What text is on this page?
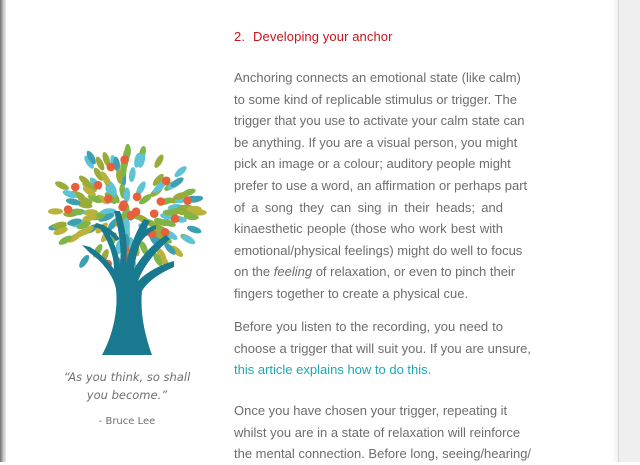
2. Developing your anchor

Anchoring connects an emotional state (like calm)
to some kind of replicable stimulus or trigger. The
trigger that you use to activate your calm state can
be anything. If you are a visual person, you might
pick an image or a colour; auditory people might
prefer to use a word, an affirmation or perhaps part
of a song they can sing in their heads; and
kinaesthetic people (those who work best with
emotional/physical feelings) might do well to focus
on the feeling of relaxation, or even to pinch their
fingers together to create a physical cue.

Before you listen to the recording, you need to
choose a trigger that will suit you. If you are unsure,
this article explains how to do this.

Once you have chosen your trigger, repeating it
whilst you are in a state of relaxation will reinforce
the mental connection. Before long, seeing/hearing/

“As you think, so shall you become.”
- Bruce Lee
